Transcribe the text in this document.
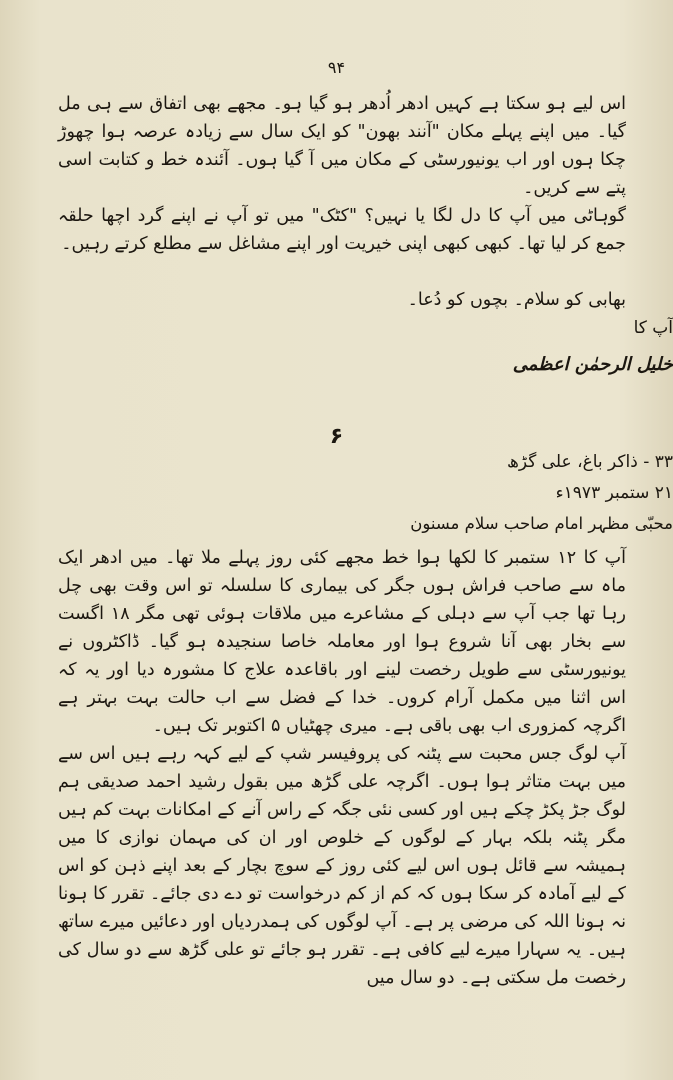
۹۴

اس لیے ہو سکتا ہے کہیں ادھر اُدھر ہو گیا ہو۔ مجھے بھی اتفاق سے ہی مل گیا۔ میں اپنے پہلے مکان "آنند بھون" کو ایک سال سے زیادہ عرصہ ہوا چھوڑ چکا ہوں اور اب یونیورسٹی کے مکان میں آ گیا ہوں۔ آئندہ خط و کتابت اسی پتے سے کریں۔

گوہاٹی میں آپ کا دل لگا یا نہیں؟ "کٹک" میں تو آپ نے اپنے گرد اچھا حلقہ جمع کر لیا تھا۔ کبھی کبھی اپنی خیریت اور اپنے مشاغل سے مطلع کرتے رہیں۔

بھابی کو سلام۔ بچوں کو دُعا۔

آپ کا

خلیل الرحمٰن اعظمی

۶

۳۳ - ذاکر باغ، علی گڑھ

۲۱ ستمبر ۱۹۷۳ء

محبّی مظہر امام صاحب سلام مسنون

آپ کا ۱۲ ستمبر کا لکھا ہوا خط مجھے کئی روز پہلے ملا تھا۔ میں ادھر ایک ماہ سے صاحب فراش ہوں جگر کی بیماری کا سلسلہ تو اس وقت بھی چل رہا تھا جب آپ سے دہلی کے مشاعرے میں ملاقات ہوئی تھی مگر ۱۸ اگست سے بخار بھی آنا شروع ہوا اور معاملہ خاصا سنجیدہ ہو گیا۔ ڈاکٹروں نے یونیورسٹی سے طویل رخصت لینے اور باقاعدہ علاج کا مشورہ دیا اور یہ کہ اس اثنا میں مکمل آرام کروں۔ خدا کے فضل سے اب حالت بہت بہتر ہے اگرچہ کمزوری اب بھی باقی ہے۔ میری چھٹیاں ۵ اکتوبر تک ہیں۔

آپ لوگ جس محبت سے پٹنہ کی پروفیسر شپ کے لیے کہہ رہے ہیں اس سے میں بہت متاثر ہوا ہوں۔ اگرچہ علی گڑھ میں بقول رشید احمد صدیقی ہم لوگ جڑ پکڑ چکے ہیں اور کسی نئی جگہ کے راس آنے کے امکانات بہت کم ہیں مگر پٹنہ بلکہ بہار کے لوگوں کے خلوص اور ان کی مہمان نوازی کا میں ہمیشہ سے قائل ہوں اس لیے کئی روز کے سوچ بچار کے بعد اپنے ذہن کو اس کے لیے آمادہ کر سکا ہوں کہ کم از کم درخواست تو دے دی جائے۔ تقرر کا ہونا نہ ہونا اللہ کی مرضی پر ہے۔ آپ لوگوں کی ہمدردیاں اور دعائیں میرے ساتھ ہیں۔ یہ سہارا میرے لیے کافی ہے۔ تقرر ہو جائے تو علی گڑھ سے دو سال کی رخصت مل سکتی ہے۔ دو سال میں
